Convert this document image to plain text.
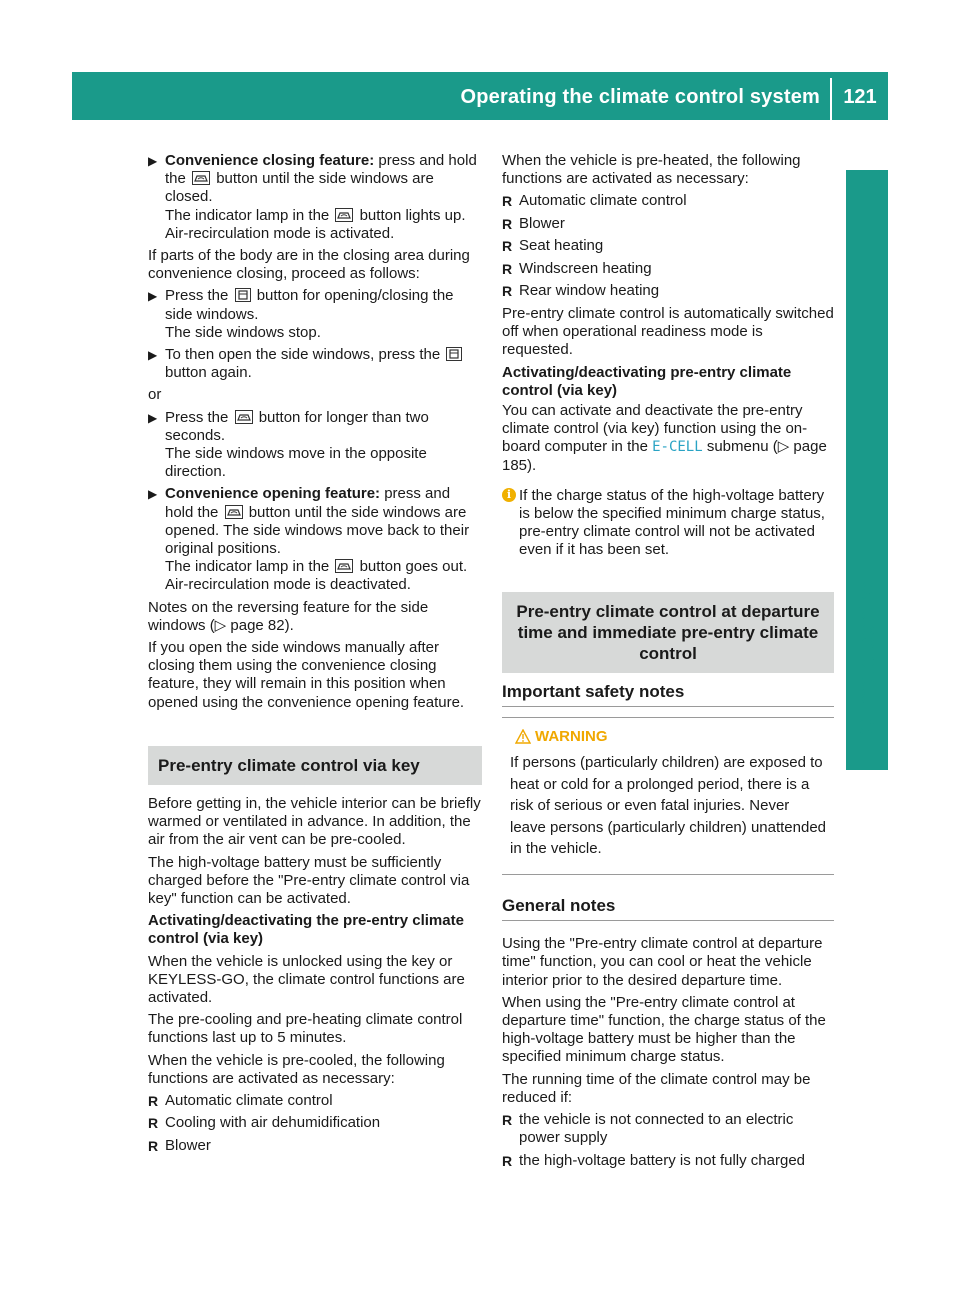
Operating the climate control system	121
Climate control
▶ Convenience closing feature: press and hold the
button until the side windows are closed.
The indicator lamp in the
button lights up. Air-recirculation mode is activated.

If parts of the body are in the closing area during convenience closing, proceed as follows:

▶ Press the
button for opening/closing the side windows.
The side windows stop.
▶ To then open the side windows, press the
button again.

or

▶ Press the
button for longer than two seconds.
The side windows move in the opposite direction.
▶ Convenience opening feature: press and hold the
button until the side windows are opened. The side windows move back to their original positions.
The indicator lamp in the
button goes out. Air-recirculation mode is deactivated.

Notes on the reversing feature for the side windows (▷ page 82).

If you open the side windows manually after closing them using the convenience closing feature, they will remain in this position when opened using the convenience opening feature.

Pre-entry climate control via key

Before getting in, the vehicle interior can be briefly warmed or ventilated in advance. In addition, the air from the air vent can be pre-cooled.

The high-voltage battery must be sufficiently charged before the "Pre-entry climate control via key" function can be activated.

Activating/deactivating the pre-entry climate control (via key)

When the vehicle is unlocked using the key or KEYLESS-GO, the climate control functions are activated.

The pre-cooling and pre-heating climate control functions last up to 5 minutes.

When the vehicle is pre-cooled, the following functions are activated as necessary:

R Automatic climate control
R Cooling with air dehumidification
R Blower

When the vehicle is pre-heated, the following functions are activated as necessary:

R Automatic climate control
R Blower
R Seat heating
R Windscreen heating
R Rear window heating

Pre-entry climate control is automatically switched off when operational readiness mode is requested.

Activating/deactivating pre-entry climate control (via key)

You can activate and deactivate the pre-entry climate control (via key) function using the on-board computer in the E-CELL submenu (▷ page 185).

i If the charge status of the high-voltage battery is below the specified minimum charge status, pre-entry climate control will not be activated even if it has been set.
Pre-entry climate control at departure time and immediate pre-entry climate control
Important safety notes
WARNING
If persons (particularly children) are exposed to heat or cold for a prolonged period, there is a risk of serious or even fatal injuries. Never leave persons (particularly children) unattended in the vehicle.
General notes

Using the "Pre-entry climate control at departure time" function, you can cool or heat the vehicle interior prior to the desired departure time.

When using the "Pre-entry climate control at departure time" function, the charge status of the high-voltage battery must be higher than the specified minimum charge status.

The running time of the climate control may be reduced if:

R the vehicle is not connected to an electric power supply
R the high-voltage battery is not fully charged
